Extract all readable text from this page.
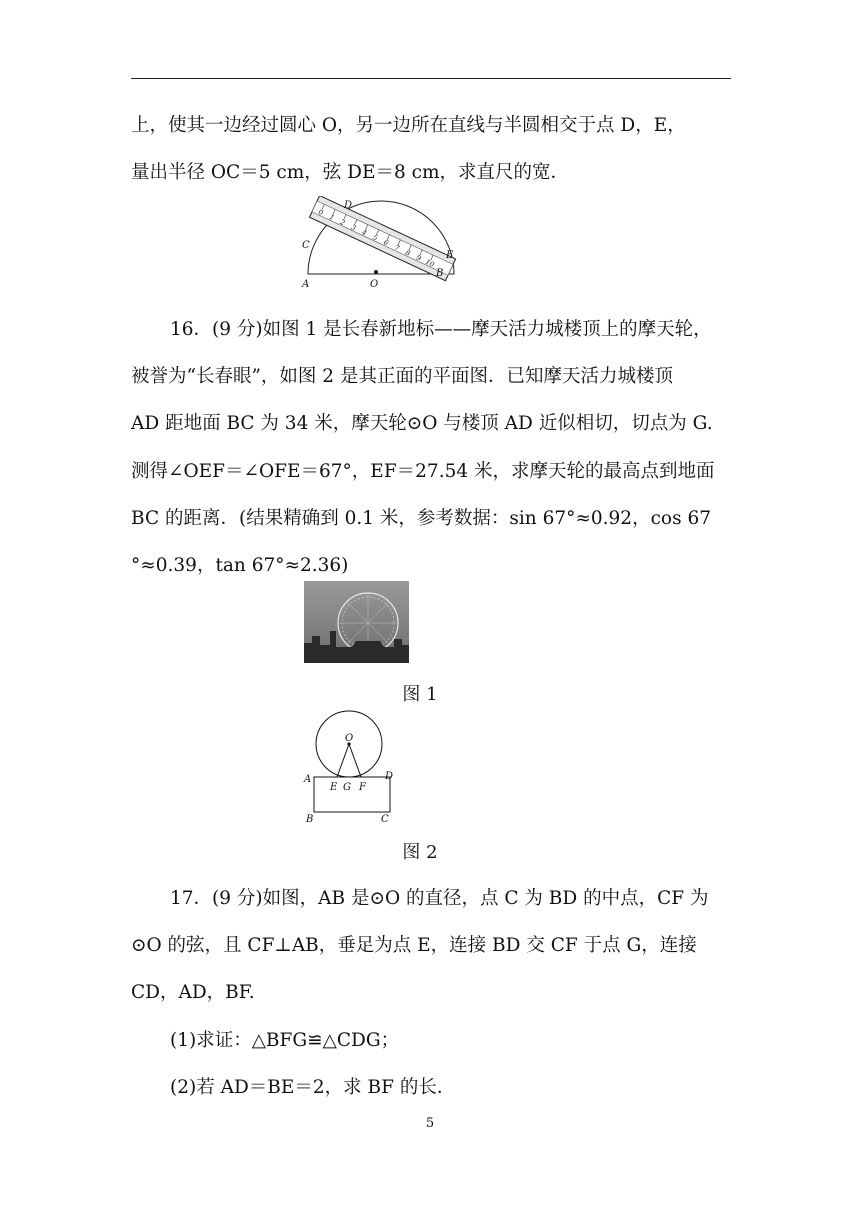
上，使其一边经过圆心 O，另一边所在直线与半圆相交于点 D，E，
量出半径 OC＝5 cm，弦 DE＝8 cm，求直尺的宽．
0
1
2
3
4
5
6
7
8
9 10
A	O
C
D
E
B
16．(9 分)如图 1 是长春新地标——摩天活力城楼顶上的摩天轮，
被誉为“长春眼”，如图 2 是其正面的平面图．已知摩天活力城楼顶
AD 距地面 BC 为 34 米，摩天轮⊙O 与楼顶 AD 近似相切，切点为 G.
测得∠OEF＝∠OFE＝67°，EF＝27.54 米，求摩天轮的最高点到地面
BC 的距离．(结果精确到 0.1 米，参考数据：sin 67°≈0.92，cos 67
°≈0.39，tan 67°≈2.36)
图 1
O
A	D
E G F
B	C
图 2
17．(9 分)如图，AB 是⊙O 的直径，点 C 为 BD 的中点，CF 为
⊙O 的弦，且 CF⊥AB，垂足为点 E，连接 BD 交 CF 于点 G，连接
CD，AD，BF.
(1)求证：△BFG≌△CDG；
(2)若 AD＝BE＝2，求 BF 的长．
5
